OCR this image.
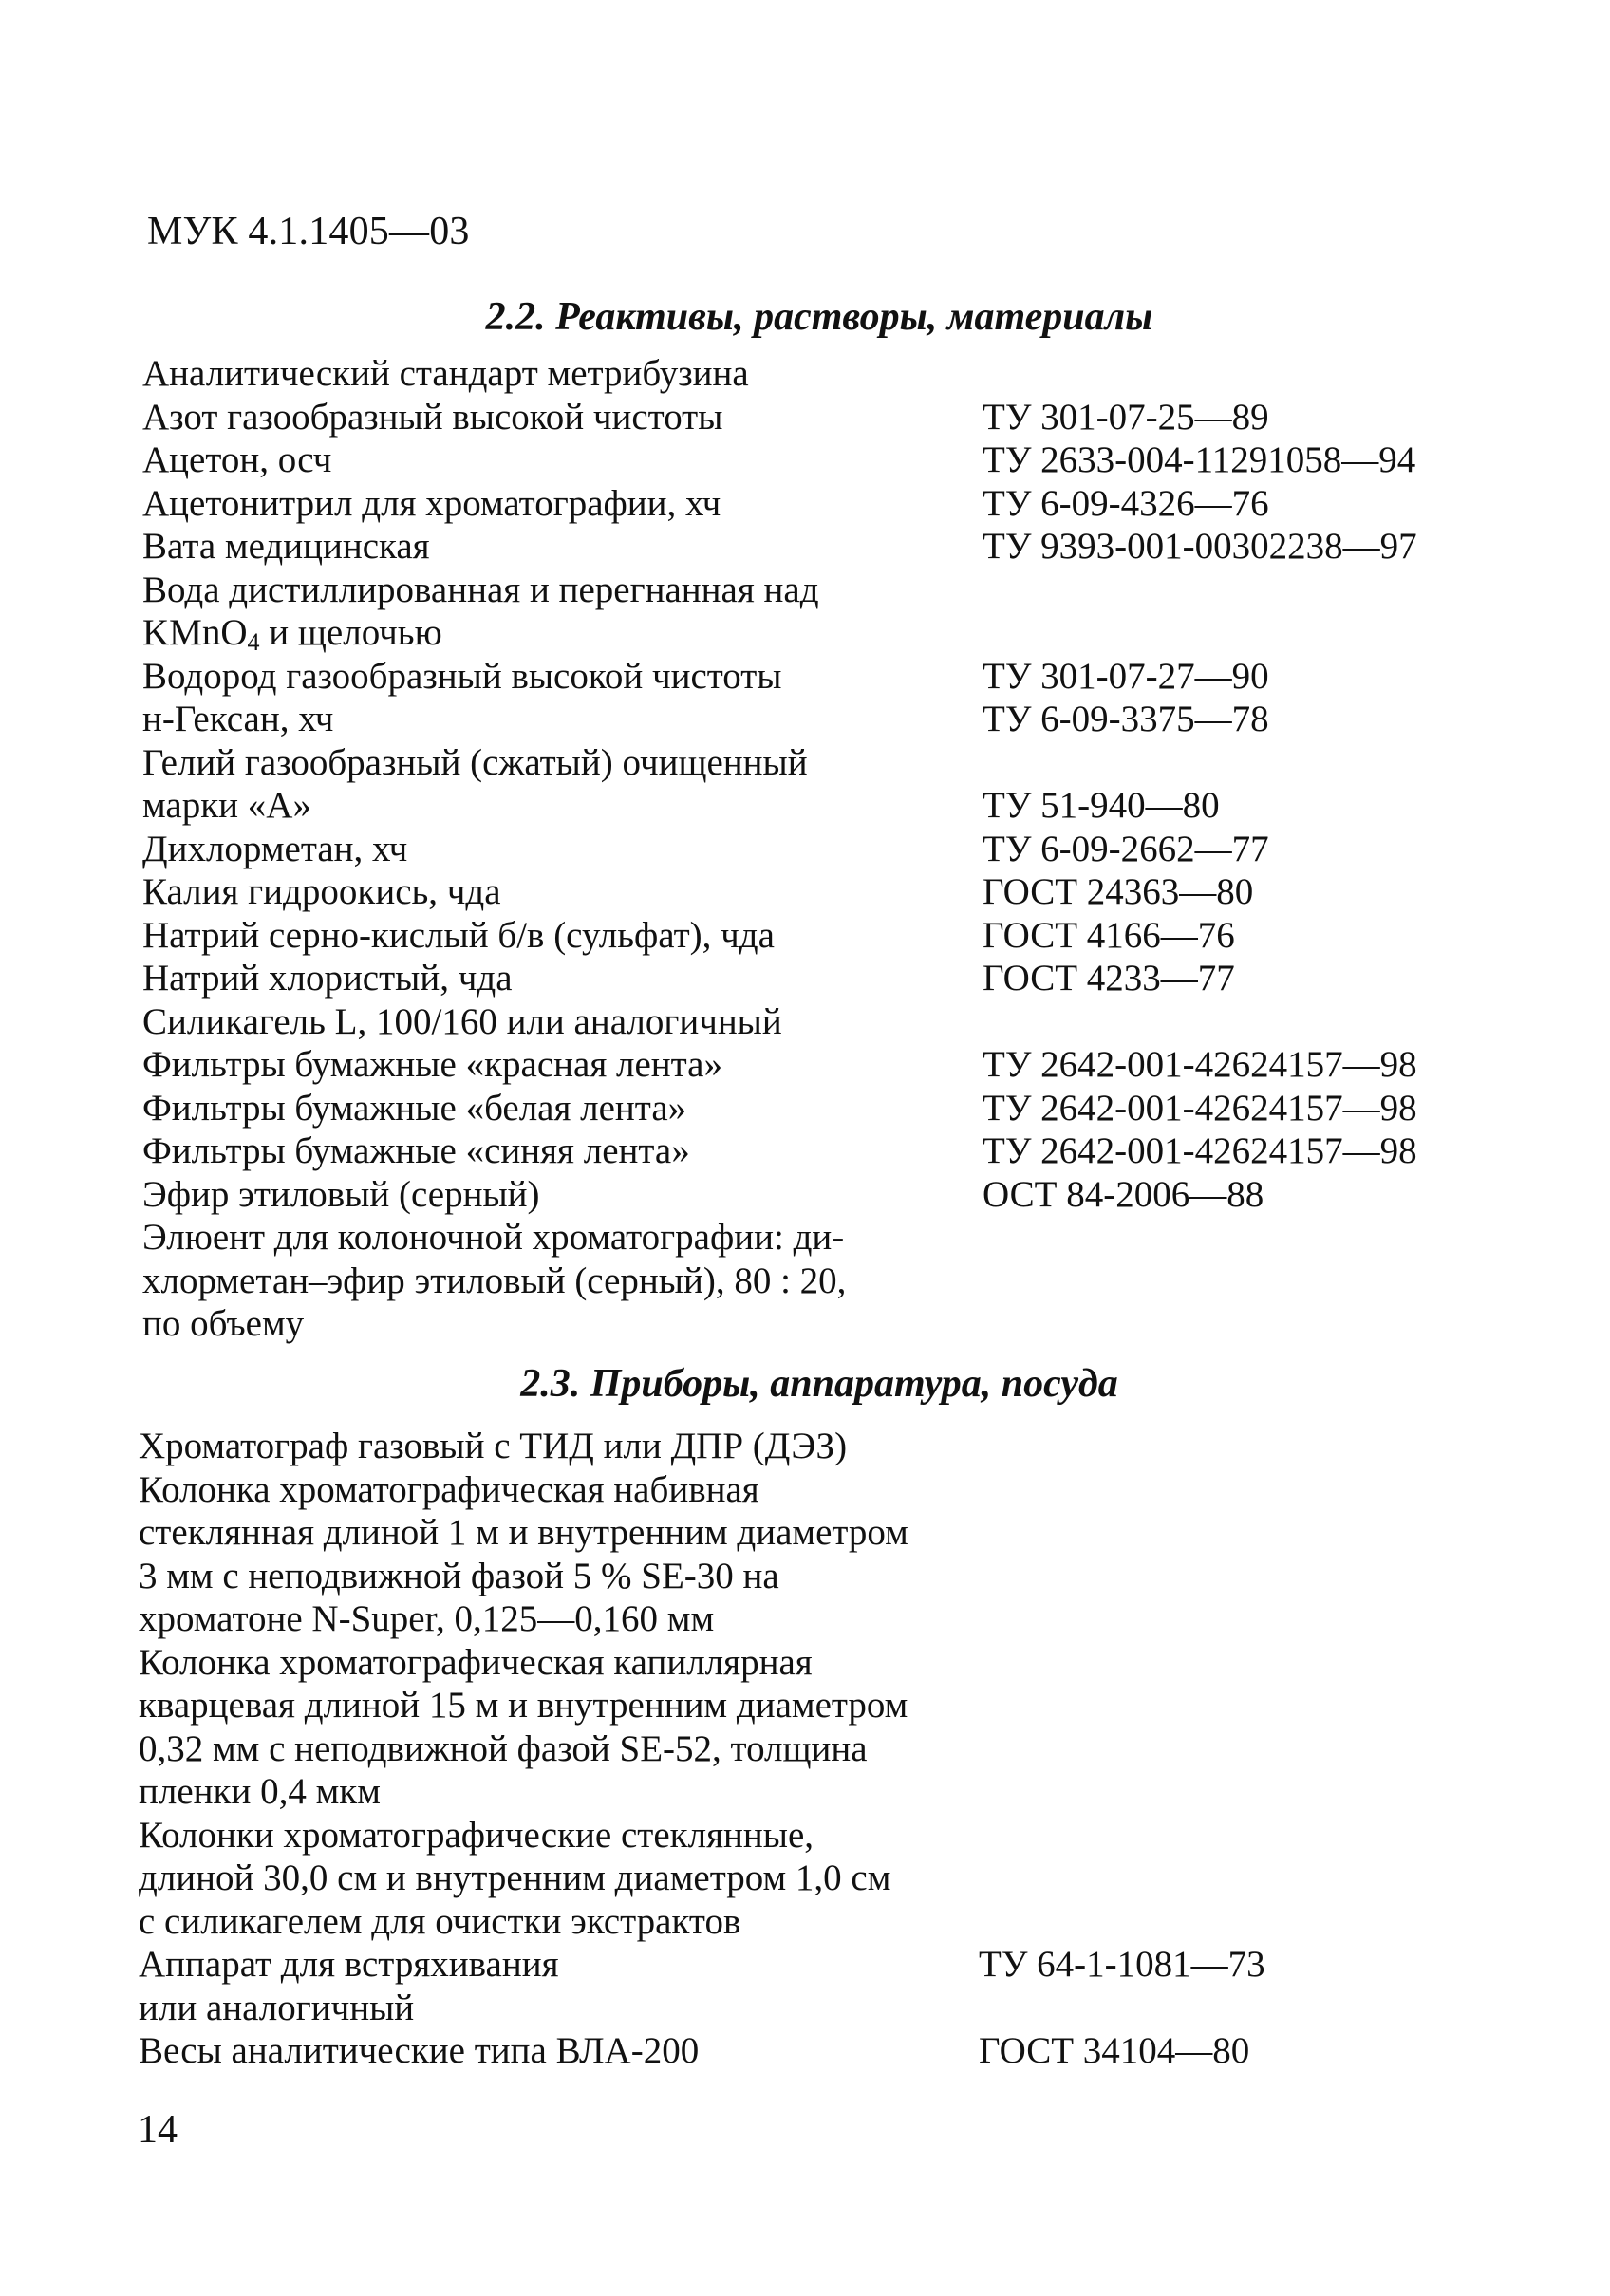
МУК 4.1.1405—03
2.2. Реактивы, растворы, материалы
Аналитический стандарт метрибузина
Азот газообразный высокой чистоты	ТУ 301-07-25—89
Ацетон, осч	ТУ 2633-004-11291058—94
Ацетонитрил для хроматографии, хч	ТУ 6-09-4326—76
Вата медицинская	ТУ 9393-001-00302238—97
Вода дистиллированная и перегнанная над
KMnO$_4$ и щелочью
Водород газообразный высокой чистоты	ТУ 301-07-27—90
н-Гексан, хч	ТУ 6-09-3375—78
Гелий газообразный (сжатый) очищенный
марки «А»	ТУ 51-940—80
Дихлорметан, хч	ТУ 6-09-2662—77
Калия гидроокись, чда	ГОСТ 24363—80
Натрий серно-кислый б/в (сульфат), чда	ГОСТ 4166—76
Натрий хлористый, чда	ГОСТ 4233—77
Силикагель L, 100/160 или аналогичный
Фильтры бумажные «красная лента»	ТУ 2642-001-42624157—98
Фильтры бумажные «белая лента»	ТУ 2642-001-42624157—98
Фильтры бумажные «синяя лента»	ТУ 2642-001-42624157—98
Эфир этиловый (серный)	ОСТ 84-2006—88
Элюент для колоночной хроматографии: ди-
хлорметан–эфир этиловый (серный), 80 : 20,
по объему
2.3. Приборы, аппаратура, посуда
Хроматограф газовый с ТИД или ДПР (ДЭЗ)
Колонка хроматографическая набивная
стеклянная длиной 1 м и внутренним диаметром
3 мм с неподвижной фазой 5 % SE-30 на
хроматоне N-Super, 0,125—0,160 мм
Колонка хроматографическая капиллярная
кварцевая длиной 15 м и внутренним диаметром
0,32 мм с неподвижной фазой SE-52, толщина
пленки 0,4 мкм
Колонки хроматографические стеклянные,
длиной 30,0 см и внутренним диаметром 1,0 см
с силикагелем для очистки экстрактов
Аппарат для встряхивания	ТУ 64-1-1081—73
или аналогичный
Весы аналитические типа ВЛА-200	ГОСТ 34104—80
14
